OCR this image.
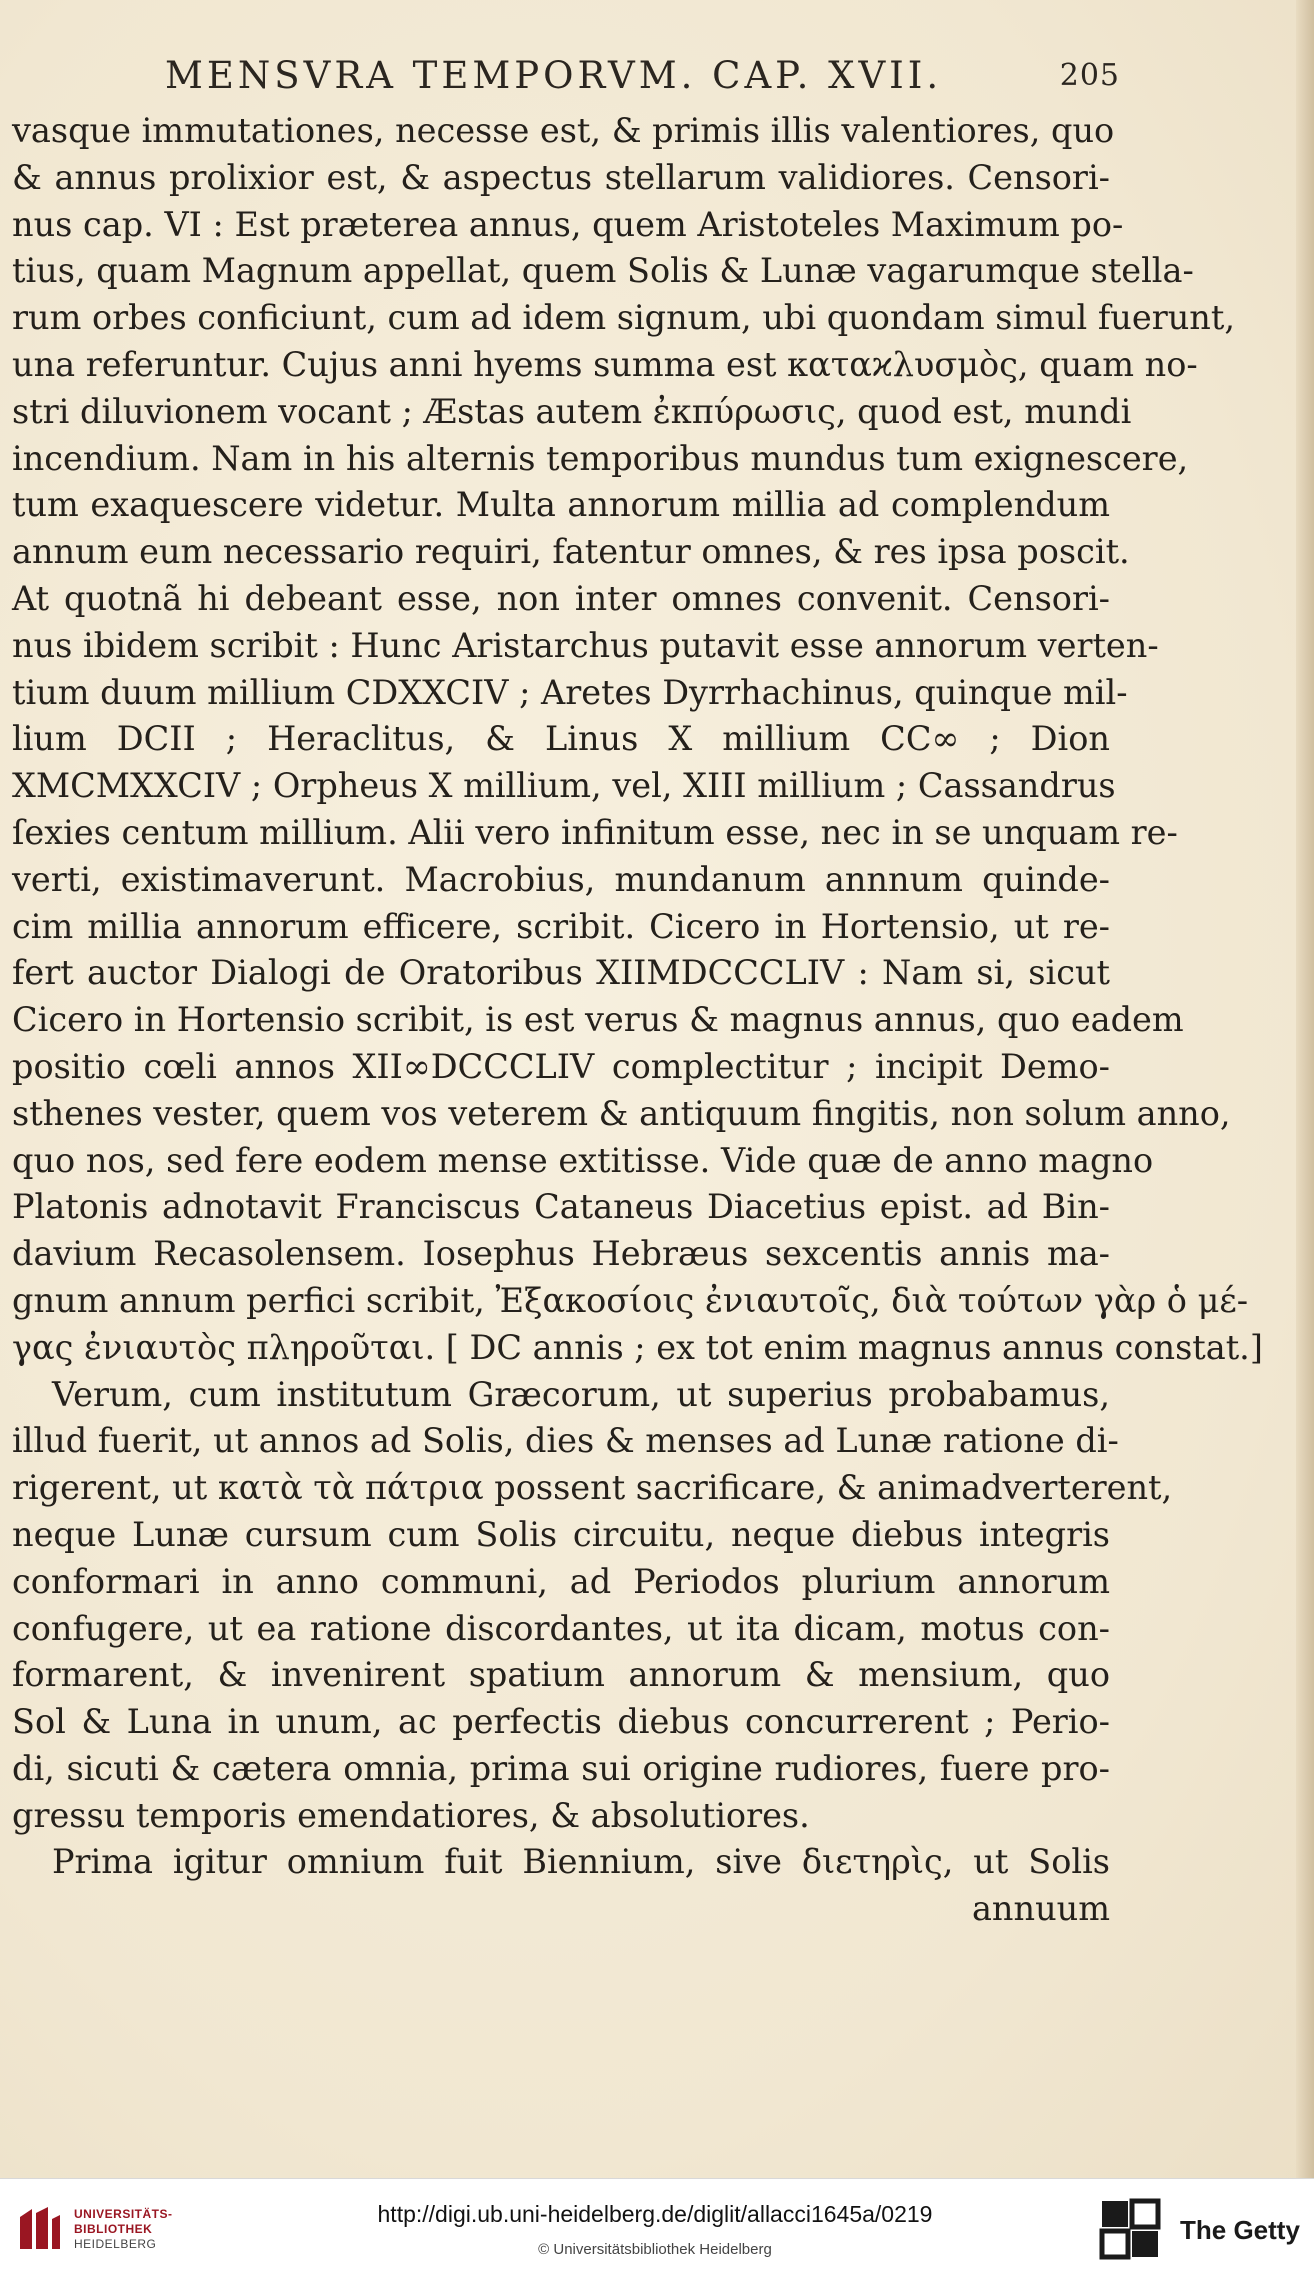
MENSVRA TEMPORVM. CAP. XVII.	205
vasque immutationes, necesse est, & primis illis valentiores, quo
& annus prolixior est, & aspectus stellarum validiores. Censori-
nus cap. VI : Est præterea annus, quem Aristoteles Maximum po-
tius, quam Magnum appellat, quem Solis & Lunæ vagarumque stella-
rum orbes conficiunt, cum ad idem signum, ubi quondam simul fuerunt,
una referuntur. Cujus anni hyems summa est καταϰλυσμὸς, quam no-
stri diluvionem vocant ; Æstas autem ἐκπύρωσις, quod est, mundi
incendium. Nam in his alternis temporibus mundus tum exignescere,
tum exaquescere videtur. Multa annorum millia ad complendum
annum eum necessario requiri, fatentur omnes, & res ipsa poscit.
At quotnã hi debeant esse, non inter omnes convenit. Censori-
nus ibidem scribit : Hunc Aristarchus putavit esse annorum verten-
tium duum millium CDXXCIV ; Aretes Dyrrhachinus, quinque mil-
lium DCII ; Heraclitus, & Linus X millium CC∞ ; Dion
XMCMXXCIV ; Orpheus X millium, vel, XIII millium ; Cassandrus
ſexies centum millium. Alii vero infinitum esse, nec in se unquam re-
verti, existimaverunt. Macrobius, mundanum annnum quinde-
cim millia annorum efficere, scribit. Cicero in Hortensio, ut re-
fert auctor Dialogi de Oratoribus XIIMDCCCLIV : Nam si, sicut
Cicero in Hortensio scribit, is est verus & magnus annus, quo eadem
positio cœli annos XII∞DCCCLIV complectitur ; incipit Demo-
sthenes vester, quem vos veterem & antiquum fingitis, non solum anno,
quo nos, sed fere eodem mense extitisse. Vide quæ de anno magno
Platonis adnotavit Franciscus Cataneus Diacetius epist. ad Bin-
davium Recasolensem. Iosephus Hebræus sexcentis annis ma-
gnum annum perfici scribit, Ἐξακοσίοις ἐνιαυτοῖς, διὰ τούτων γὰρ ὁ μέ-
γας ἐνιαυτὸς πληροῦται. [ DC annis ; ex tot enim magnus annus constat.]
Verum, cum institutum Græcorum, ut superius probabamus,
illud fuerit, ut annos ad Solis, dies & menses ad Lunæ ratione di-
rigerent, ut κατὰ τὰ πάτρια possent sacrificare, & animadverterent,
neque Lunæ cursum cum Solis circuitu, neque diebus integris
conformari in anno communi, ad Periodos plurium annorum
confugere, ut ea ratione discordantes, ut ita dicam, motus con-
formarent, & invenirent spatium annorum & mensium, quo
Sol & Luna in unum, ac perfectis diebus concurrerent ; Perio-
di, sicuti & cætera omnia, prima sui origine rudiores, fuere pro-
gressu temporis emendatiores, & absolutiores.
Prima igitur omnium fuit Biennium, sive διετηρὶς, ut Solis
annuum
UNIVERSITÄTS-
BIBLIOTHEK
HEIDELBERG
http://digi.ub.uni-heidelberg.de/diglit/allacci1645a/0219
© Universitätsbibliothek Heidelberg
The Getty
